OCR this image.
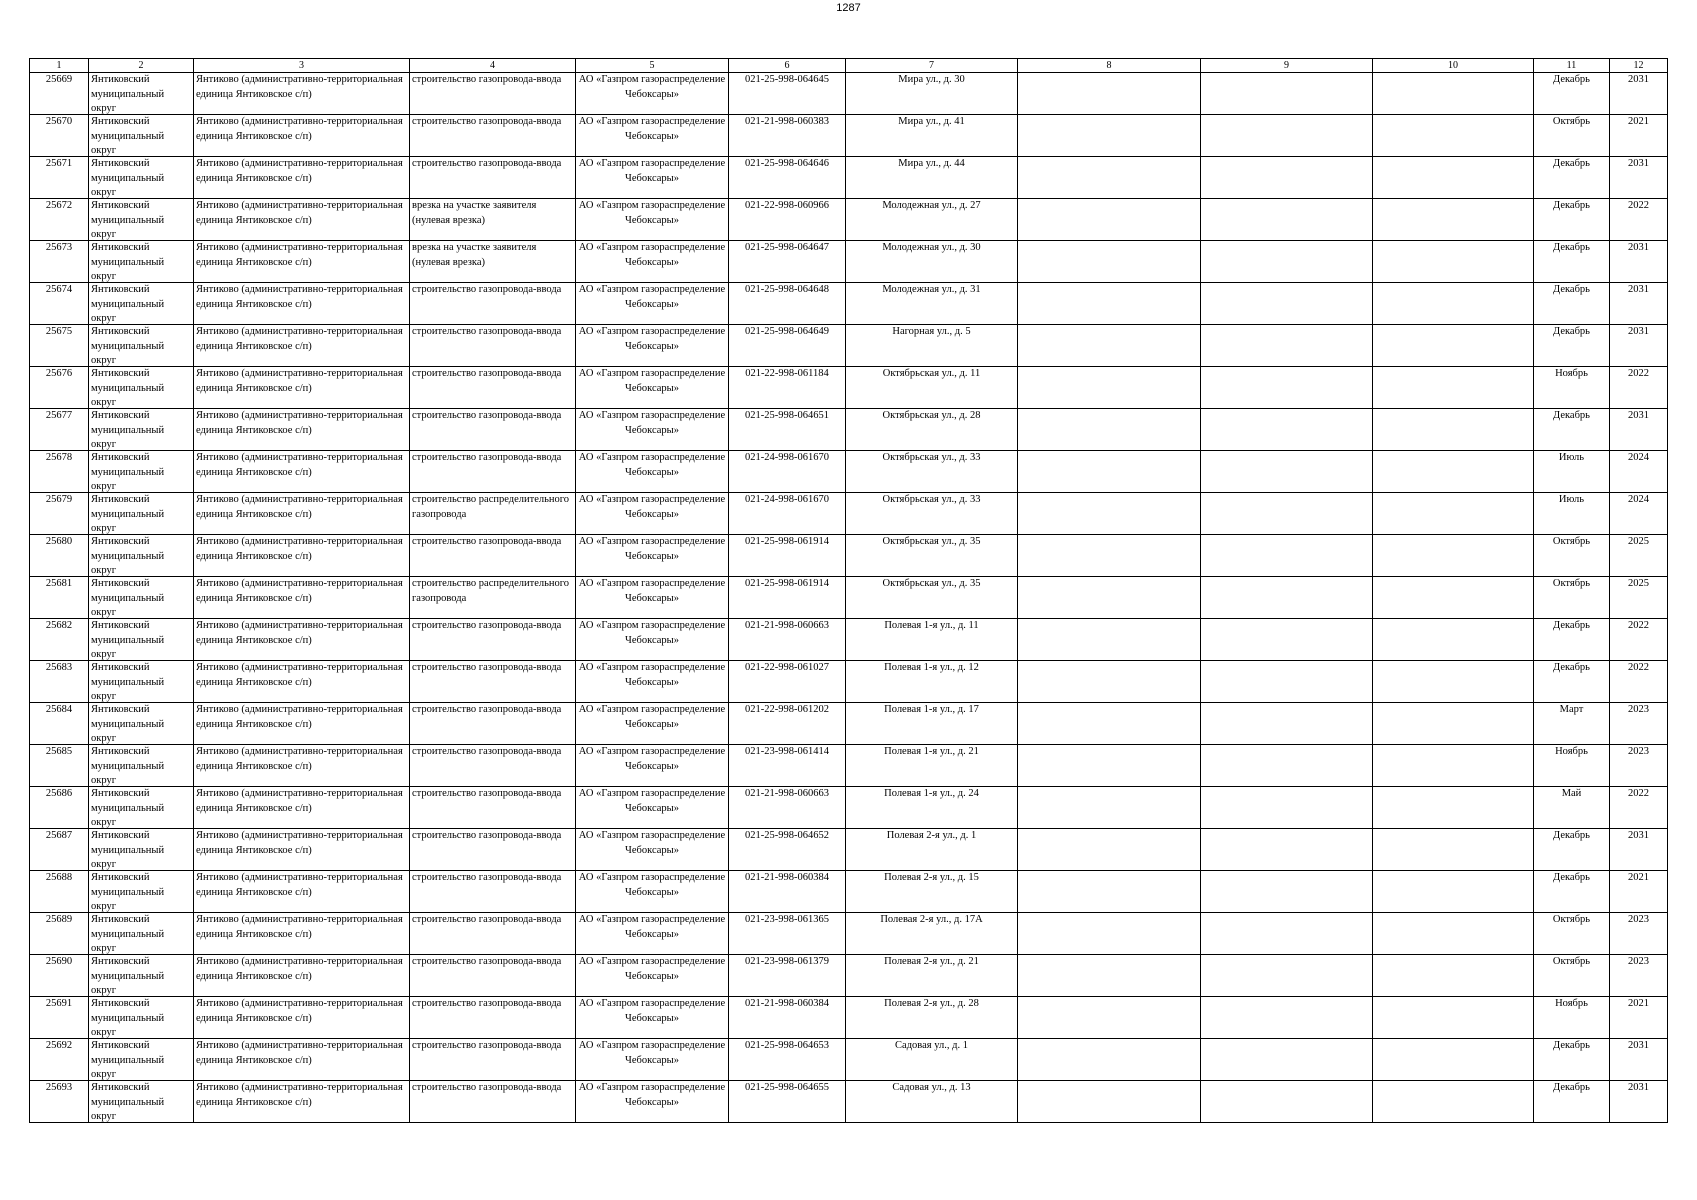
1287
1	2	3	4	5	6	7	8	9	10	11	12

25669	Янтиковский муниципальный округ	Янтиково (административно-территориальная единица Янтиковское с/п)	строительство газопровода-ввода	АО «Газпром газораспределение Чебоксары»	021-25-998-064645	Мира ул., д. 30				Декабрь	2031

25670	Янтиковский муниципальный округ	Янтиково (административно-территориальная единица Янтиковское с/п)	строительство газопровода-ввода	АО «Газпром газораспределение Чебоксары»	021-21-998-060383	Мира ул., д. 41				Октябрь	2021

25671	Янтиковский муниципальный округ	Янтиково (административно-территориальная единица Янтиковское с/п)	строительство газопровода-ввода	АО «Газпром газораспределение Чебоксары»	021-25-998-064646	Мира ул., д. 44				Декабрь	2031

25672	Янтиковский муниципальный округ	Янтиково (административно-территориальная единица Янтиковское с/п)	врезка на участке заявителя (нулевая врезка)	АО «Газпром газораспределение Чебоксары»	021-22-998-060966	Молодежная ул., д. 27				Декабрь	2022

25673	Янтиковский муниципальный округ	Янтиково (административно-территориальная единица Янтиковское с/п)	врезка на участке заявителя (нулевая врезка)	АО «Газпром газораспределение Чебоксары»	021-25-998-064647	Молодежная ул., д. 30				Декабрь	2031

25674	Янтиковский муниципальный округ	Янтиково (административно-территориальная единица Янтиковское с/п)	строительство газопровода-ввода	АО «Газпром газораспределение Чебоксары»	021-25-998-064648	Молодежная ул., д. 31				Декабрь	2031

25675	Янтиковский муниципальный округ	Янтиково (административно-территориальная единица Янтиковское с/п)	строительство газопровода-ввода	АО «Газпром газораспределение Чебоксары»	021-25-998-064649	Нагорная ул., д. 5				Декабрь	2031

25676	Янтиковский муниципальный округ	Янтиково (административно-территориальная единица Янтиковское с/п)	строительство газопровода-ввода	АО «Газпром газораспределение Чебоксары»	021-22-998-061184	Октябрьская ул., д. 11				Ноябрь	2022

25677	Янтиковский муниципальный округ	Янтиково (административно-территориальная единица Янтиковское с/п)	строительство газопровода-ввода	АО «Газпром газораспределение Чебоксары»	021-25-998-064651	Октябрьская ул., д. 28				Декабрь	2031

25678	Янтиковский муниципальный округ	Янтиково (административно-территориальная единица Янтиковское с/п)	строительство газопровода-ввода	АО «Газпром газораспределение Чебоксары»	021-24-998-061670	Октябрьская ул., д. 33				Июль	2024

25679	Янтиковский муниципальный округ	Янтиково (административно-территориальная единица Янтиковское с/п)	строительство распределительного газопровода	АО «Газпром газораспределение Чебоксары»	021-24-998-061670	Октябрьская ул., д. 33				Июль	2024

25680	Янтиковский муниципальный округ	Янтиково (административно-территориальная единица Янтиковское с/п)	строительство газопровода-ввода	АО «Газпром газораспределение Чебоксары»	021-25-998-061914	Октябрьская ул., д. 35				Октябрь	2025

25681	Янтиковский муниципальный округ	Янтиково (административно-территориальная единица Янтиковское с/п)	строительство распределительного газопровода	АО «Газпром газораспределение Чебоксары»	021-25-998-061914	Октябрьская ул., д. 35				Октябрь	2025

25682	Янтиковский муниципальный округ	Янтиково (административно-территориальная единица Янтиковское с/п)	строительство газопровода-ввода	АО «Газпром газораспределение Чебоксары»	021-21-998-060663	Полевая 1-я ул., д. 11				Декабрь	2022

25683	Янтиковский муниципальный округ	Янтиково (административно-территориальная единица Янтиковское с/п)	строительство газопровода-ввода	АО «Газпром газораспределение Чебоксары»	021-22-998-061027	Полевая 1-я ул., д. 12				Декабрь	2022

25684	Янтиковский муниципальный округ	Янтиково (административно-территориальная единица Янтиковское с/п)	строительство газопровода-ввода	АО «Газпром газораспределение Чебоксары»	021-22-998-061202	Полевая 1-я ул., д. 17				Март	2023

25685	Янтиковский муниципальный округ	Янтиково (административно-территориальная единица Янтиковское с/п)	строительство газопровода-ввода	АО «Газпром газораспределение Чебоксары»	021-23-998-061414	Полевая 1-я ул., д. 21				Ноябрь	2023

25686	Янтиковский муниципальный округ	Янтиково (административно-территориальная единица Янтиковское с/п)	строительство газопровода-ввода	АО «Газпром газораспределение Чебоксары»	021-21-998-060663	Полевая 1-я ул., д. 24				Май	2022

25687	Янтиковский муниципальный округ	Янтиково (административно-территориальная единица Янтиковское с/п)	строительство газопровода-ввода	АО «Газпром газораспределение Чебоксары»	021-25-998-064652	Полевая 2-я ул., д. 1				Декабрь	2031

25688	Янтиковский муниципальный округ	Янтиково (административно-территориальная единица Янтиковское с/п)	строительство газопровода-ввода	АО «Газпром газораспределение Чебоксары»	021-21-998-060384	Полевая 2-я ул., д. 15				Декабрь	2021

25689	Янтиковский муниципальный округ	Янтиково (административно-территориальная единица Янтиковское с/п)	строительство газопровода-ввода	АО «Газпром газораспределение Чебоксары»	021-23-998-061365	Полевая 2-я ул., д. 17А				Октябрь	2023

25690	Янтиковский муниципальный округ	Янтиково (административно-территориальная единица Янтиковское с/п)	строительство газопровода-ввода	АО «Газпром газораспределение Чебоксары»	021-23-998-061379	Полевая 2-я ул., д. 21				Октябрь	2023

25691	Янтиковский муниципальный округ	Янтиково (административно-территориальная единица Янтиковское с/п)	строительство газопровода-ввода	АО «Газпром газораспределение Чебоксары»	021-21-998-060384	Полевая 2-я ул., д. 28				Ноябрь	2021

25692	Янтиковский муниципальный округ	Янтиково (административно-территориальная единица Янтиковское с/п)	строительство газопровода-ввода	АО «Газпром газораспределение Чебоксары»	021-25-998-064653	Садовая ул., д. 1				Декабрь	2031

25693	Янтиковский муниципальный округ	Янтиково (административно-территориальная единица Янтиковское с/п)	строительство газопровода-ввода	АО «Газпром газораспределение Чебоксары»	021-25-998-064655	Садовая ул., д. 13				Декабрь	2031
